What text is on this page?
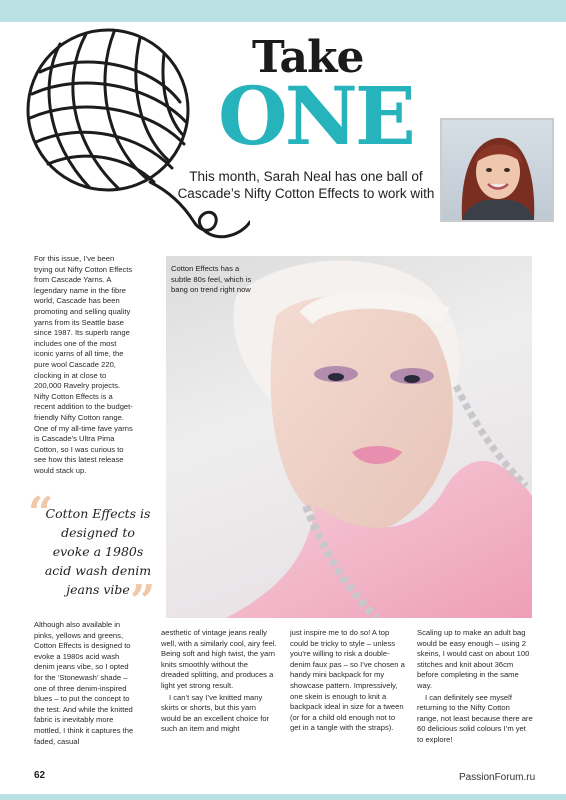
Take
ONE
This month, Sarah Neal has one ball of Cascade’s Nifty Cotton Effects to work with

For this issue, I’ve been trying out Nifty Cotton Effects from Cascade Yarns. A legendary name in the fibre world, Cascade has been promoting and selling quality yarns from its Seattle base since 1987. Its superb range includes one of the most iconic yarns of all time, the pure wool Cascade 220, clocking in at close to 200,000 Ravelry projects. Nifty Cotton Effects is a recent addition to the budget-friendly Nifty Cotton range. One of my all-time fave yarns is Cascade’s Ultra Pima Cotton, so I was curious to see how this latest release would stack up.

“
Cotton Effects is designed to evoke a 1980s acid wash denim jeans vibe ”

Although also available in pinks, yellows and greens, Cotton Effects is designed to evoke a 1980s acid wash denim jeans vibe, so I opted for the ‘Stonewash’ shade – one of three denim-inspired blues – to put the concept to the test. And while the knitted fabric is inevitably more mottled, I think it captures the faded, casual

Cotton Effects has a subtle 80s feel, which is bang on trend right now

aesthetic of vintage jeans really well, with a similarly cool, airy feel. Being soft and high twist, the yarn knits smoothly without the dreaded splitting, and produces a light yet strong result.

I can’t say I’ve knitted many skirts or shorts, but this yarn would be an excellent choice for such an item and might

just inspire me to do so! A top could be tricky to style – unless you’re willing to risk a double-denim faux pas – so I’ve chosen a handy mini backpack for my showcase pattern. Impressively, one skein is enough to knit a backpack ideal in size for a tween (or for a child old enough not to get in a tangle with the straps).

Scaling up to make an adult bag would be easy enough – using 2 skeins, I would cast on about 100 stitches and knit about 36cm before completing in the same way.

I can definitely see myself returning to the Nifty Cotton range, not least because there are 60 delicious solid colours I’m yet to explore!

62	PassionForum.ru
